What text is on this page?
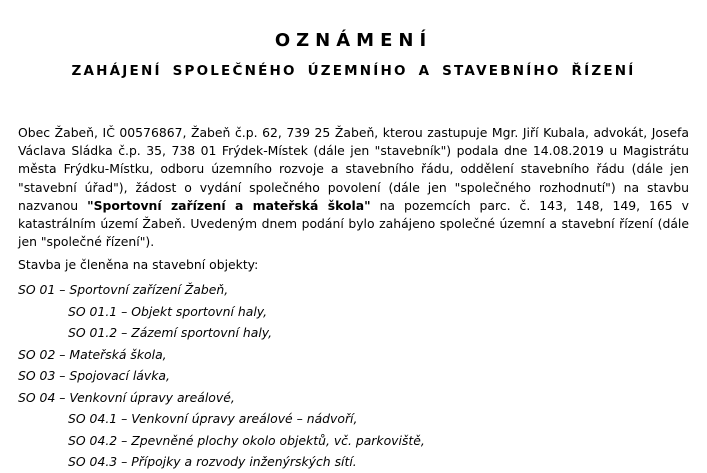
OZNÁMENÍ
ZAHÁJENÍ SPOLEČNÉHO ÚZEMNÍHO A STAVEBNÍHO ŘÍZENÍ

Obec Žabeň, IČ 00576867, Žabeň č.p. 62, 739 25 Žabeň, kterou zastupuje Mgr. Jiří Kubala, advokát, Josefa Václava Sládka č.p. 35, 738 01 Frýdek-Místek (dále jen "stavebník") podala dne 14.08.2019 u Magistrátu města Frýdku-Místku, odboru územního rozvoje a stavebního řádu, oddělení stavebního řádu (dále jen "stavební úřad"), žádost o vydání společného povolení (dále jen "společného rozhodnutí") na stavbu nazvanou "Sportovní zařízení a mateřská škola" na pozemcích parc. č. 143, 148, 149, 165 v katastrálním území Žabeň. Uvedeným dnem podání bylo zahájeno společné územní a stavební řízení (dále jen "společné řízení").

Stavba je členěna na stavební objekty:

SO 01 – Sportovní zařízení Žabeň,
SO 01.1 – Objekt sportovní haly,
SO 01.2 – Zázemí sportovní haly,
SO 02 – Mateřská škola,
SO 03 – Spojovací lávka,
SO 04 – Venkovní úpravy areálové,
SO 04.1 – Venkovní úpravy areálové – nádvoří,
SO 04.2 – Zpevněné plochy okolo objektů, vč. parkoviště,
SO 04.3 – Přípojky a rozvody inženýrských sítí.
